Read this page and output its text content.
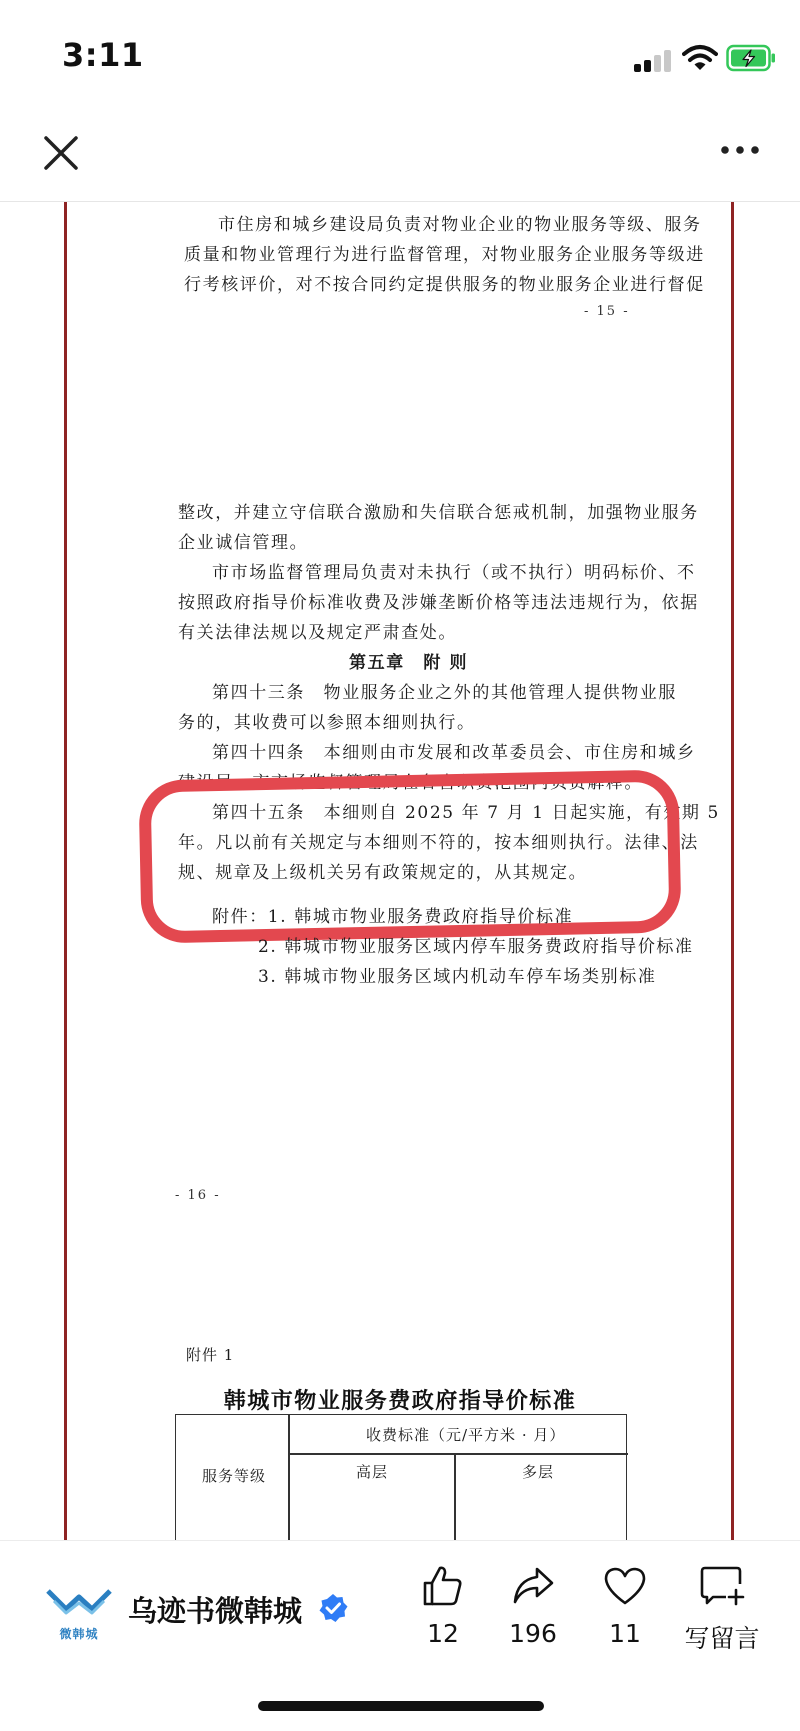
3:11
市住房和城乡建设局负责对物业企业的物业服务等级、服务
质量和物业管理行为进行监督管理，对物业服务企业服务等级进
行考核评价，对不按合同约定提供服务的物业服务企业进行督促
- 15 -
整改，并建立守信联合激励和失信联合惩戒机制，加强物业服务
企业诚信管理。
市市场监督管理局负责对未执行（或不执行）明码标价、不
按照政府指导价标准收费及涉嫌垄断价格等违法违规行为，依据
有关法律法规以及规定严肃查处。
第五章　附 则
第四十三条　物业服务企业之外的其他管理人提供物业服
务的，其收费可以参照本细则执行。
第四十四条　本细则由市发展和改革委员会、市住房和城乡
建设局、市市场监督管理局在各自职责范围内负责解释。
第四十五条　本细则自 2025 年 7 月 1 日起实施，有效期 5
年。凡以前有关规定与本细则不符的，按本细则执行。法律、法
规、规章及上级机关另有政策规定的，从其规定。
附件：1. 韩城市物业服务费政府指导价标准
2. 韩城市物业服务区域内停车服务费政府指导价标准
3. 韩城市物业服务区域内机动车停车场类别标准
- 16 -
附件 1
韩城市物业服务费政府指导价标准
服务等级
收费标准（元/平方米 · 月）
高层	多层
微韩城
乌迹书微韩城
12	196	11	写留言
